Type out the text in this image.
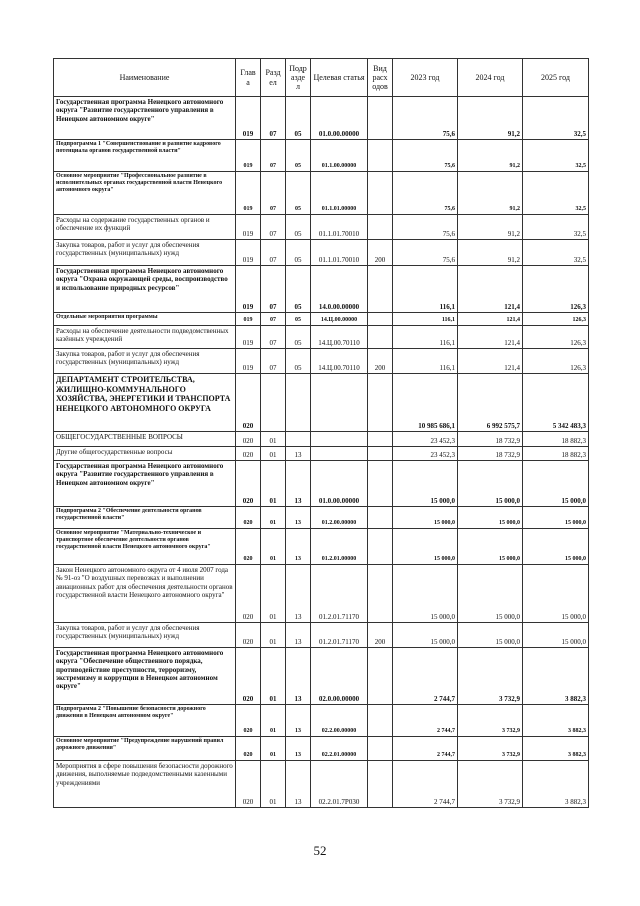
Наименование	Глав а	Разд ел	Подр азде л	Целевая статья	Вид расх одов	2023 год	2024 год	2025 год
Государственная программа Ненецкого автономного округа "Развитие государственного управления в Ненецком автономном округе"	019	07	05	01.0.00.00000		75,6	91,2	32,5
Подпрограмма 1 "Совершенствование и развитие кадрового потенциала органов государственной власти"	019	07	05	01.1.00.00000		75,6	91,2	32,5
Основное мероприятие "Профессиональное развитие в исполнительных органах государственной власти Ненецкого автономного округа"	019	07	05	01.1.01.00000		75,6	91,2	32,5
Расходы на содержание государственных органов и обеспечение их функций	019	07	05	01.1.01.70010		75,6	91,2	32,5
Закупка товаров, работ и услуг для обеспечения государственных (муниципальных) нужд	019	07	05	01.1.01.70010	200	75,6	91,2	32,5
Государственная программа Ненецкого автономного округа "Охрана окружающей среды, воспроизводство и использование природных ресурсов"	019	07	05	14.0.00.00000		116,1	121,4	126,3
Отдельные мероприятия программы	019	07	05	14.Ц.00.00000		116,1	121,4	126,3
Расходы на обеспечение деятельности подведомственных казённых учреждений	019	07	05	14.Ц.00.70110		116,1	121,4	126,3
Закупка товаров, работ и услуг для обеспечения государственных (муниципальных) нужд	019	07	05	14.Ц.00.70110	200	116,1	121,4	126,3
ДЕПАРТАМЕНТ СТРОИТЕЛЬСТВА, ЖИЛИЩНО-КОММУНАЛЬНОГО ХОЗЯЙСТВА, ЭНЕРГЕТИКИ И ТРАНСПОРТА НЕНЕЦКОГО АВТОНОМНОГО ОКРУГА	020					10 985 686,1	6 992 575,7	5 342 483,3
ОБЩЕГОСУДАРСТВЕННЫЕ ВОПРОСЫ	020	01				23 452,3	18 732,9	18 882,3
Другие общегосударственные вопросы	020	01	13			23 452,3	18 732,9	18 882,3
Государственная программа Ненецкого автономного округа "Развитие государственного управления в Ненецком автономном округе"	020	01	13	01.0.00.00000		15 000,0	15 000,0	15 000,0
Подпрограмма 2 "Обеспечение деятельности органов государственной власти"	020	01	13	01.2.00.00000		15 000,0	15 000,0	15 000,0
Основное мероприятие "Материально-техническое и транспортное обеспечение деятельности органов государственной власти Ненецкого автономного округа"	020	01	13	01.2.01.00000		15 000,0	15 000,0	15 000,0
Закон Ненецкого автономного округа от 4 июля 2007 года № 91-оз "О воздушных перевозках и выполнении авиационных работ для обеспечения деятельности органов государственной власти Ненецкого автономного округа"	020	01	13	01.2.01.71170		15 000,0	15 000,0	15 000,0
Закупка товаров, работ и услуг для обеспечения государственных (муниципальных) нужд	020	01	13	01.2.01.71170	200	15 000,0	15 000,0	15 000,0
Государственная программа Ненецкого автономного округа "Обеспечение общественного порядка, противодействие преступности, терроризму, экстремизму и коррупции в Ненецком автономном округе"	020	01	13	02.0.00.00000		2 744,7	3 732,9	3 882,3
Подпрограмма 2 "Повышение безопасности дорожного движения в Ненецком автономном округе"	020	01	13	02.2.00.00000		2 744,7	3 732,9	3 882,3
Основное мероприятие "Предупреждение нарушений правил дорожного движения"	020	01	13	02.2.01.00000		2 744,7	3 732,9	3 882,3
Мероприятия в сфере повышения безопасности дорожного движения, выполняемые подведомственными казенными учреждениями	020	01	13	02.2.01.7Р030		2 744,7	3 732,9	3 882,3
52
